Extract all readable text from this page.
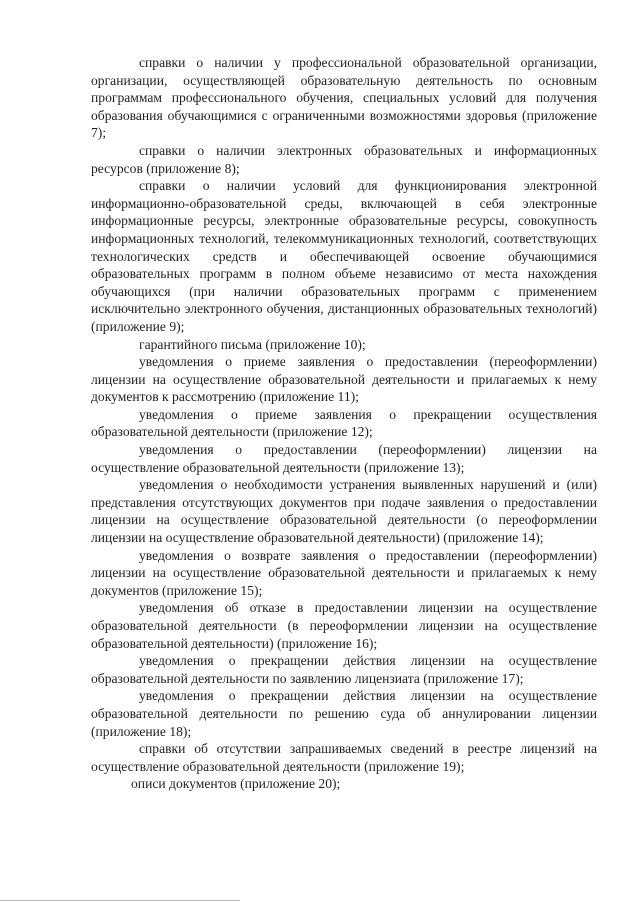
справки о наличии у профессиональной образовательной организации, организации, осуществляющей образовательную деятельность по основным программам профессионального обучения, специальных условий для получения образования обучающимися с ограниченными возможностями здоровья (приложение 7);

справки о наличии электронных образовательных и информационных ресурсов (приложение 8);

справки о наличии условий для функционирования электронной информационно-образовательной среды, включающей в себя электронные информационные ресурсы, электронные образовательные ресурсы, совокупность информационных технологий, телекоммуникационных технологий, соответствующих технологических средств и обеспечивающей освоение обучающимися образовательных программ в полном объеме независимо от места нахождения обучающихся (при наличии образовательных программ с применением исключительно электронного обучения, дистанционных образовательных технологий) (приложение 9);

гарантийного письма (приложение 10);

уведомления о приеме заявления о предоставлении (переоформлении) лицензии на осуществление образовательной деятельности и прилагаемых к нему документов к рассмотрению (приложение 11);

уведомления о приеме заявления о прекращении осуществления образовательной деятельности (приложение 12);

уведомления о предоставлении (переоформлении) лицензии на осуществление образовательной деятельности (приложение 13);

уведомления о необходимости устранения выявленных нарушений и (или) представления отсутствующих документов при подаче заявления о предоставлении лицензии на осуществление образовательной деятельности (о переоформлении лицензии на осуществление образовательной деятельности) (приложение 14);

уведомления о возврате заявления о предоставлении (переоформлении) лицензии на осуществление образовательной деятельности и прилагаемых к нему документов (приложение 15);

уведомления об отказе в предоставлении лицензии на осуществление образовательной деятельности (в переоформлении лицензии на осуществление образовательной деятельности) (приложение 16);

уведомления о прекращении действия лицензии на осуществление образовательной деятельности по заявлению лицензиата (приложение 17);

уведомления о прекращении действия лицензии на осуществление образовательной деятельности по решению суда об аннулировании лицензии (приложение 18);

справки об отсутствии запрашиваемых сведений в реестре лицензий на осуществление образовательной деятельности (приложение 19);

описи документов (приложение 20);
